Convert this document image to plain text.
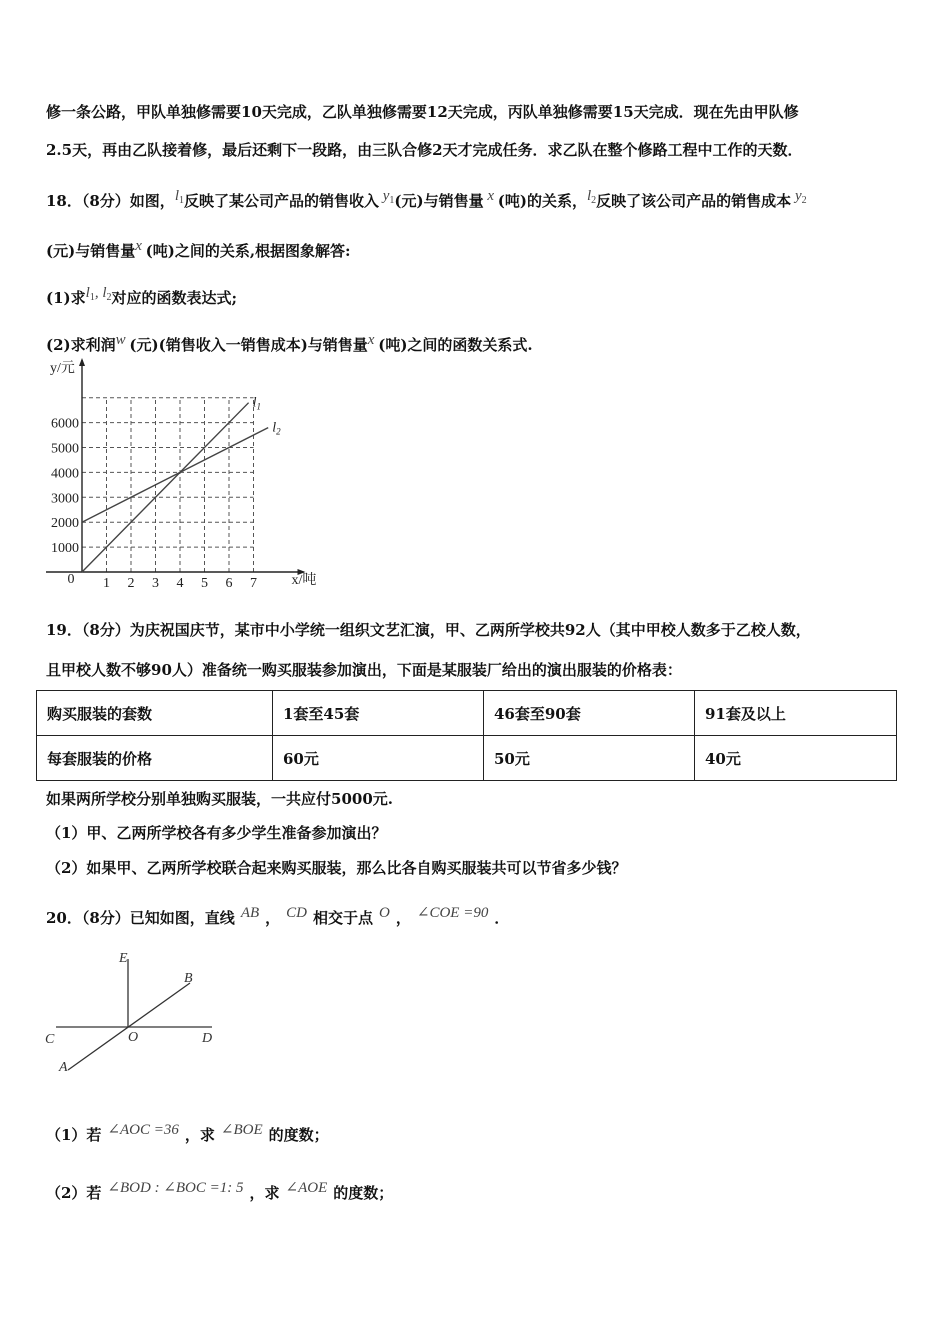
修一条公路，甲队单独修需要10天完成，乙队单独修需要12天完成，丙队单独修需要15天完成．现在先由甲队修
2.5天，再由乙队接着修，最后还剩下一段路，由三队合修2天才完成任务．求乙队在整个修路工程中工作的天数．
18．（8分）如图，$l_1$反映了某公司产品的销售收入 $y_1$(元)与销售量 x (吨)的关系，$l_2$反映了该公司产品的销售成本 $y_2$
(元)与销售量x (吨)之间的关系,根据图象解答:
(1)求$l_1$, $l_2$对应的函数表达式;
(2)求利润w (元)(销售收入一销售成本)与销售量x (吨)之间的函数关系式.
1 2 3 4 5 6 7
1000
2000
3000
4000
5000
6000
0
y/元
x/吨
$l_1$
$l_2$
19．（8分）为庆祝国庆节，某市中小学统一组织文艺汇演，甲、乙两所学校共92人（其中甲校人数多于乙校人数，
且甲校人数不够90人）准备统一购买服装参加演出，下面是某服装厂给出的演出服装的价格表：
购买服装的套数	1套至45套	46套至90套	91套及以上
每套服装的价格	60元	50元	40元
如果两所学校分别单独购买服装，一共应付5000元.
（1）甲、乙两所学校各有多少学生准备参加演出？
（2）如果甲、乙两所学校联合起来购买服装，那么比各自购买服装共可以节省多少钱？
20．（8分）已知如图，直线 AB ， CD 相交于点 O ， ∠COE =90 ．
E
B
C	O	D
A
（1）若 ∠AOC =36 ，求 ∠BOE 的度数；
（2）若 ∠BOD : ∠BOC =1: 5 ，求 ∠AOE 的度数；
